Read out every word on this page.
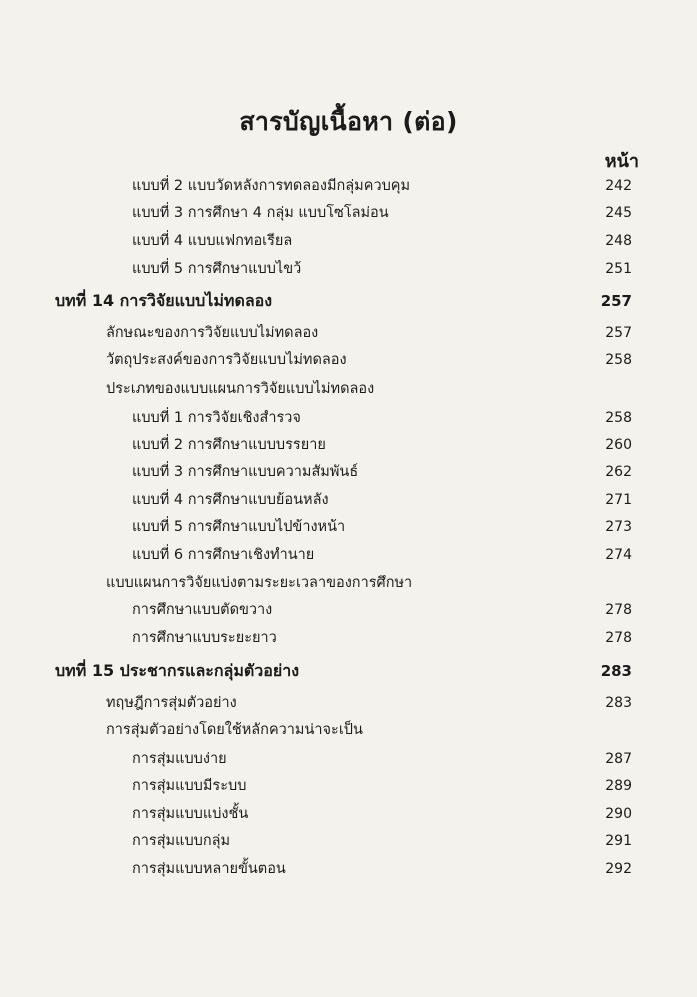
สารบัญเนื้อหา (ต่อ)
หน้า
แบบที่ 2 แบบวัดหลังการทดลองมีกลุ่มควบคุม	242
แบบที่ 3 การศึกษา 4 กลุ่ม แบบโซโลม่อน	245
แบบที่ 4 แบบแฟกทอเรียล	248
แบบที่ 5 การศึกษาแบบไขว้	251
บทที่ 14 การวิจัยแบบไม่ทดลอง	257
ลักษณะของการวิจัยแบบไม่ทดลอง	257
วัตถุประสงค์ของการวิจัยแบบไม่ทดลอง	258
ประเภทของแบบแผนการวิจัยแบบไม่ทดลอง
แบบที่ 1 การวิจัยเชิงสำรวจ	258
แบบที่ 2 การศึกษาแบบบรรยาย	260
แบบที่ 3 การศึกษาแบบความสัมพันธ์	262
แบบที่ 4 การศึกษาแบบย้อนหลัง	271
แบบที่ 5 การศึกษาแบบไปข้างหน้า	273
แบบที่ 6 การศึกษาเชิงทำนาย	274
แบบแผนการวิจัยแบ่งตามระยะเวลาของการศึกษา
การศึกษาแบบตัดขวาง	278
การศึกษาแบบระยะยาว	278
บทที่ 15 ประชากรและกลุ่มตัวอย่าง	283
ทฤษฎีการสุ่มตัวอย่าง	283
การสุ่มตัวอย่างโดยใช้หลักความน่าจะเป็น
การสุ่มแบบง่าย	287
การสุ่มแบบมีระบบ	289
การสุ่มแบบแบ่งชั้น	290
การสุ่มแบบกลุ่ม	291
การสุ่มแบบหลายขั้นตอน	292
